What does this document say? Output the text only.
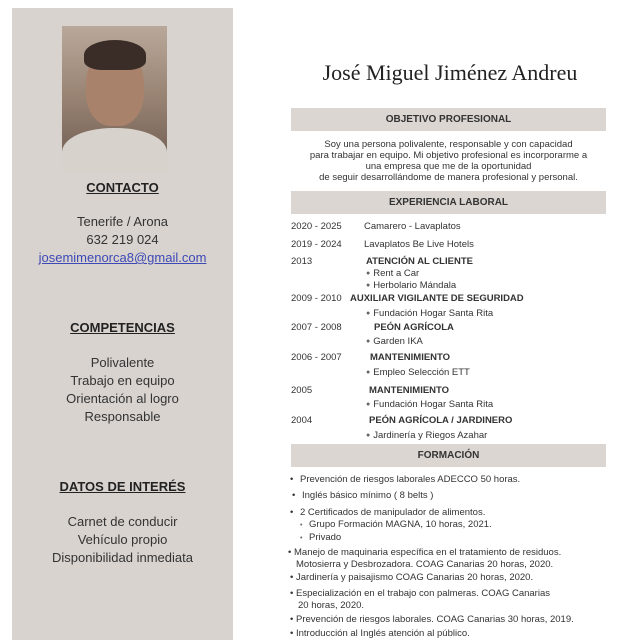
CONTACTO
Tenerife / Arona
632 219 024
josemimenorca8@gmail.com
COMPETENCIAS
Polivalente
Trabajo en equipo
Orientación al logro
Responsable
DATOS DE INTERÉS
Carnet de conducir
Vehículo propio
Disponibilidad inmediata
José Miguel Jiménez Andreu
OBJETIVO PROFESIONAL
Soy una persona polivalente, responsable y con capacidad
para trabajar en equipo. Mi objetivo profesional es incorporarme a
una empresa que me de la oportunidad
de seguir desarrollándome de manera profesional y personal.
EXPERIENCIA LABORAL
2020 - 2025 Camarero - Lavaplatos
2019 - 2024 Lavaplatos Be Live Hotels
2013	ATENCIÓN AL CLIENTE
● Rent a Car
● Herbolario Mándala
2009 - 2010 AUXILIAR VIGILANTE DE SEGURIDAD
● Fundación Hogar Santa Rita
2007 - 2008	PEÓN AGRÍCOLA
● Garden IKA
2006 - 2007	MANTENIMIENTO
● Empleo Selección ETT
2005	MANTENIMIENTO
● Fundación Hogar Santa Rita
2004	PEÓN AGRÍCOLA / JARDINERO
● Jardinería y Riegos Azahar
FORMACIÓN
• Prevención de riesgos laborales ADECCO 50 horas.
• Inglés básico mínimo ( 8 belts )
• 2 Certificados de manipulador de alimentos.
• Grupo Formación MAGNA, 10 horas, 2021.
• Privado
• Manejo de maquinaria específica en el tratamiento de residuos.
Motosierra y Desbrozadora. COAG Canarias 20 horas, 2020.
• Jardinería y paisajismo COAG Canarias 20 horas, 2020.
• Especialización en el trabajo con palmeras. COAG Canarias
20 horas, 2020.
• Prevención de riesgos laborales. COAG Canarias 30 horas, 2019.
• Introducción al Inglés atención al público.
